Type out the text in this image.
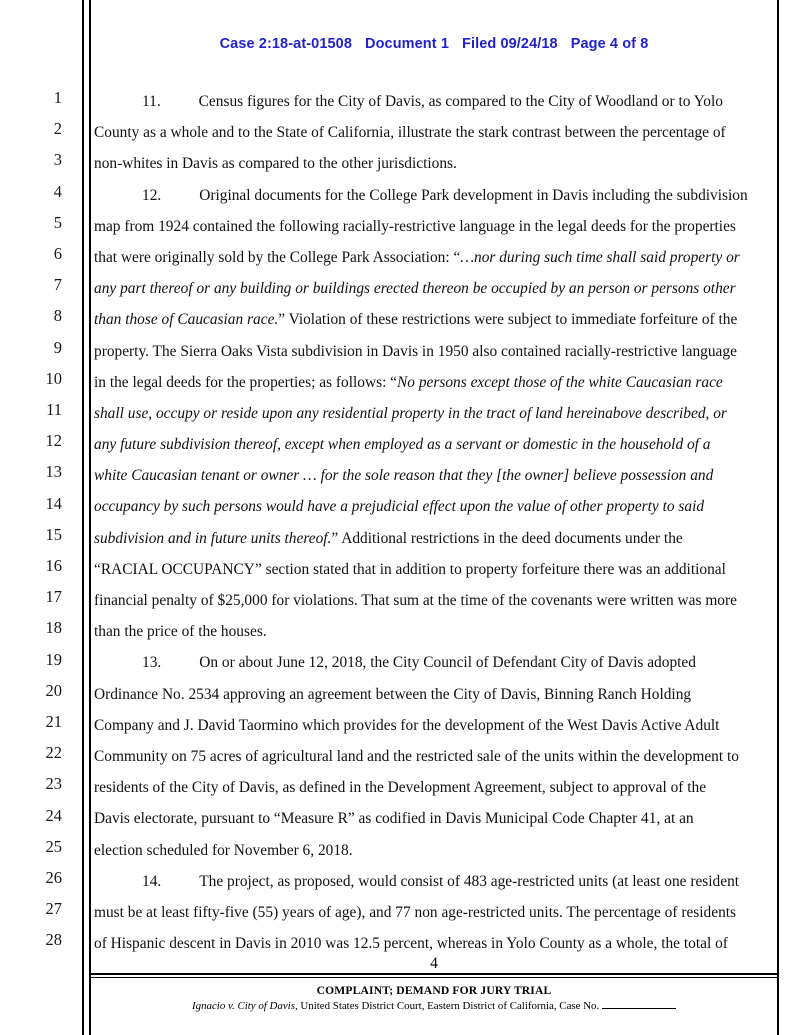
Case 2:18-at-01508 Document 1 Filed 09/24/18 Page 4 of 8
1
2
3
4
5
6
7
8
9
10
11
12
13
14
15
16
17
18
19
20
21
22
23
24
25
26
27
28
11. Census figures for the City of Davis, as compared to the City of Woodland or to Yolo
County as a whole and to the State of California, illustrate the stark contrast between the percentage of
non-whites in Davis as compared to the other jurisdictions.
12. Original documents for the College Park development in Davis including the subdivision
map from 1924 contained the following racially-restrictive language in the legal deeds for the properties
that were originally sold by the College Park Association: “…nor during such time shall said property or
any part thereof or any building or buildings erected thereon be occupied by an person or persons other
than those of Caucasian race.” Violation of these restrictions were subject to immediate forfeiture of the
property. The Sierra Oaks Vista subdivision in Davis in 1950 also contained racially-restrictive language
in the legal deeds for the properties; as follows: “No persons except those of the white Caucasian race
shall use, occupy or reside upon any residential property in the tract of land hereinabove described, or
any future subdivision thereof, except when employed as a servant or domestic in the household of a
white Caucasian tenant or owner … for the sole reason that they [the owner] believe possession and
occupancy by such persons would have a prejudicial effect upon the value of other property to said
subdivision and in future units thereof.” Additional restrictions in the deed documents under the
“RACIAL OCCUPANCY” section stated that in addition to property forfeiture there was an additional
financial penalty of $25,000 for violations. That sum at the time of the covenants were written was more
than the price of the houses.
13. On or about June 12, 2018, the City Council of Defendant City of Davis adopted
Ordinance No. 2534 approving an agreement between the City of Davis, Binning Ranch Holding
Company and J. David Taormino which provides for the development of the West Davis Active Adult
Community on 75 acres of agricultural land and the restricted sale of the units within the development to
residents of the City of Davis, as defined in the Development Agreement, subject to approval of the
Davis electorate, pursuant to “Measure R” as codified in Davis Municipal Code Chapter 41, at an
election scheduled for November 6, 2018.
14. The project, as proposed, would consist of 483 age-restricted units (at least one resident
must be at least fifty-five (55) years of age), and 77 non age-restricted units. The percentage of residents
of Hispanic descent in Davis in 2010 was 12.5 percent, whereas in Yolo County as a whole, the total of
4
COMPLAINT; DEMAND FOR JURY TRIAL
Ignacio v. City of Davis, United States District Court, Eastern District of California, Case No.
